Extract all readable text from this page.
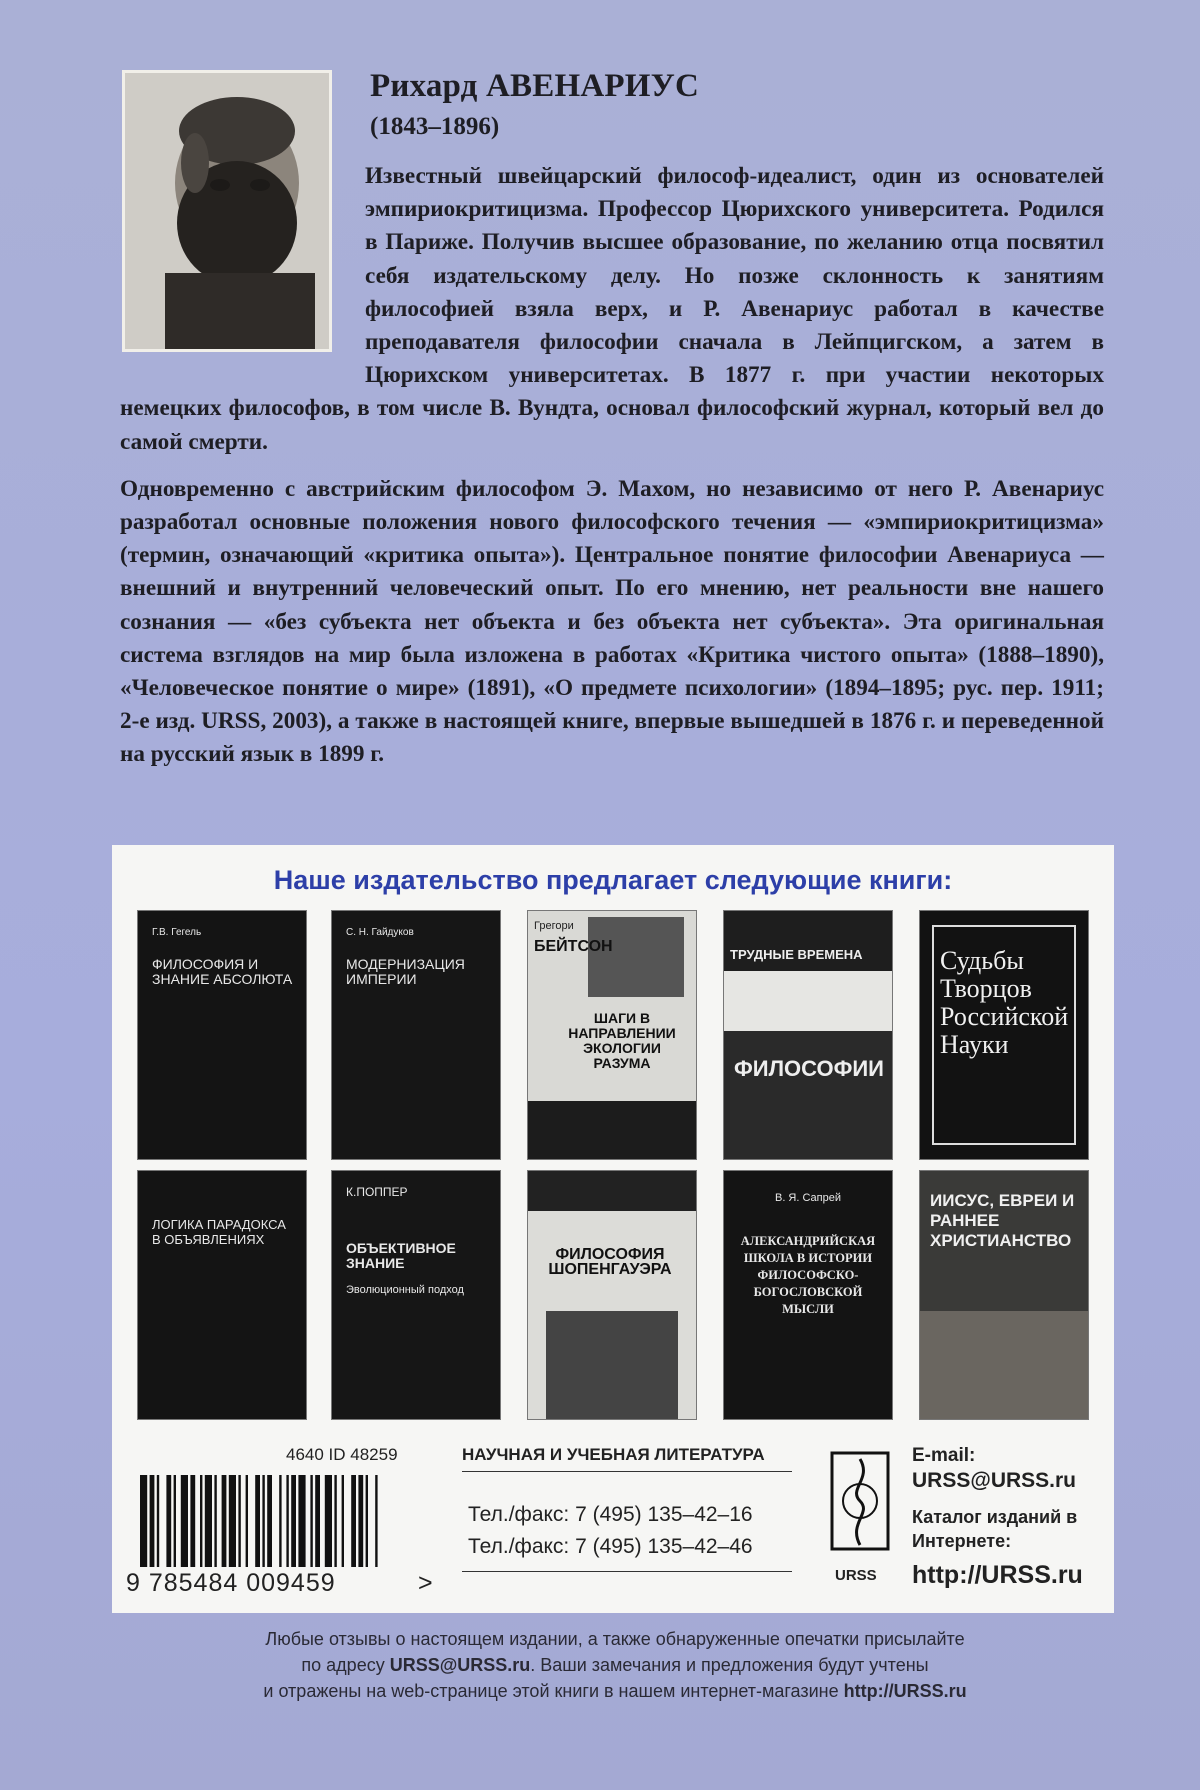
Рихард АВЕНАРИУС
(1843–1896)

Известный швейцарский философ-идеалист, один из основателей эмпириокритицизма. Профессор Цюрихского университета. Родился в Париже. Получив высшее образование, по желанию отца посвятил себя издательскому делу. Но позже склонность к занятиям философией взяла верх, и Р. Авенариус работал в качестве преподавателя философии сначала в Лейпцигском, а затем в Цюрихском университетах. В 1877 г. при участии некоторых немецких философов, в том числе В. Вундта, основал философский журнал, который вел до самой смерти.

Одновременно с австрийским философом Э. Махом, но независимо от него Р. Авенариус разработал основные положения нового философского течения — «эмпириокритицизма» (термин, означающий «критика опыта»). Центральное понятие философии Авенариуса — внешний и внутренний человеческий опыт. По его мнению, нет реальности вне нашего сознания — «без субъекта нет объекта и без объекта нет субъекта». Эта оригинальная система взглядов на мир была изложена в работах «Критика чистого опыта» (1888–1890), «Человеческое понятие о мире» (1891), «О предмете психологии» (1894–1895; рус. пер. 1911; 2-е изд. URSS, 2003), а также в настоящей книге, впервые вышедшей в 1876 г. и переведенной на русский язык в 1899 г.

Наше издательство предлагает следующие книги:
Г.В. Гегель
ФИЛОСОФИЯ И ЗНАНИЕ АБСОЛЮТА
С. Н. Гайдуков
МОДЕРНИЗАЦИЯ ИМПЕРИИ
Грегори
БЕЙТСОН
ШАГИ В НАПРАВЛЕНИИ ЭКОЛОГИИ РАЗУМА
ТРУДНЫЕ ВРЕМЕНА
ФИЛОСОФИИ
Судьбы Творцов Российской Науки
ЛОГИКА ПАРАДОКСА В ОБЪЯВЛЕНИЯХ
К.ПОППЕР
ОБЪЕКТИВНОЕ ЗНАНИЕ
Эволюционный подход
ФИЛОСОФИЯ ШОПЕНГАУЭРА
В. Я. Сапрей
АЛЕКСАНДРИЙСКАЯ ШКОЛА В ИСТОРИИ ФИЛОСОФСКО-БОГОСЛОВСКОЙ МЫСЛИ
ИИСУС, ЕВРЕИ И РАННЕЕ ХРИСТИАНСТВО
4640 ID 48259
9 785484 009459	>
НАУЧНАЯ И УЧЕБНАЯ ЛИТЕРАТУРА
Тел./факс: 7 (495) 135–42–16
Тел./факс: 7 (495) 135–42–46
URSS
E-mail:
URSS@URSS.ru
Каталог изданий в Интернете:
http://URSS.ru
Любые отзывы о настоящем издании, а также обнаруженные опечатки присылайте
по адресу URSS@URSS.ru. Ваши замечания и предложения будут учтены
и отражены на web-странице этой книги в нашем интернет-магазине http://URSS.ru
